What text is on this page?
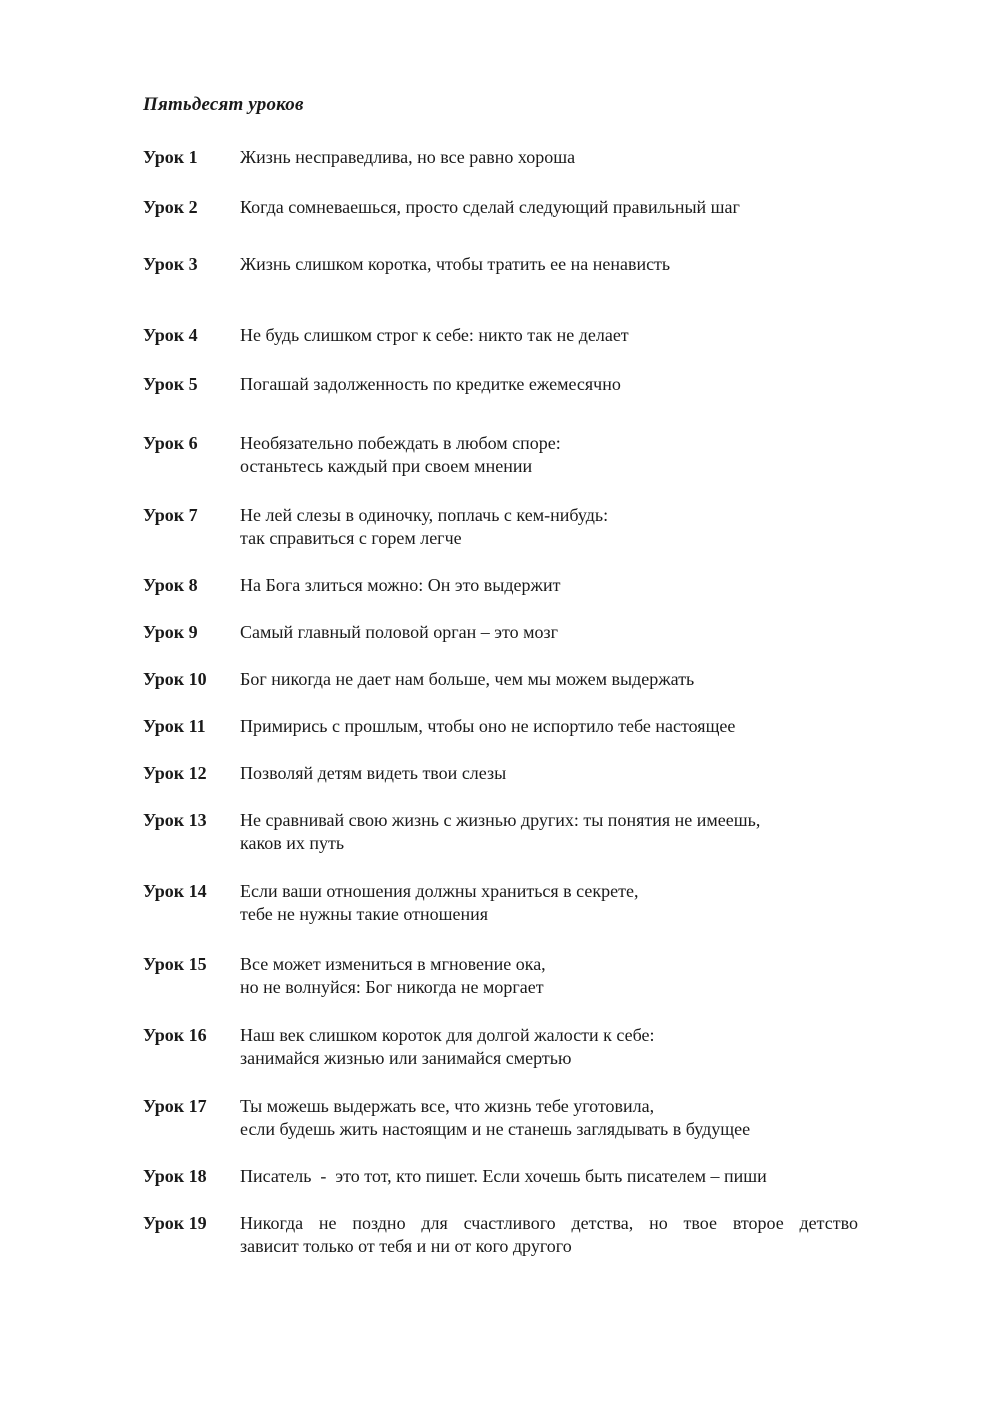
Пятьдесят уроков
Урок 1	Жизнь несправедлива, но все равно хороша
Урок 2	Когда сомневаешься, просто сделай следующий правильный шаг
Урок 3	Жизнь слишком коротка, чтобы тратить ее на ненависть
Урок 4	Не будь слишком строг к себе: никто так не делает
Урок 5	Погашай задолженность по кредитке ежемесячно
Урок 6	Необязательно побеждать в любом споре:
останьтесь каждый при своем мнении
Урок 7	Не лей слезы в одиночку, поплачь с кем-нибудь:
так справиться с горем легче
Урок 8	На Бога злиться можно: Он это выдержит
Урок 9	Самый главный половой орган – это мозг
Урок 10	Бог никогда не дает нам больше, чем мы можем выдержать
Урок 11	Примирись с прошлым, чтобы оно не испортило тебе настоящее
Урок 12	Позволяй детям видеть твои слезы
Урок 13	Не сравнивай свою жизнь с жизнью других: ты понятия не имеешь,
каков их путь
Урок 14	Если ваши отношения должны храниться в секрете,
тебе не нужны такие отношения
Урок 15	Все может измениться в мгновение ока,
но не волнуйся: Бог никогда не моргает
Урок 16	Наш век слишком короток для долгой жалости к себе:
занимайся жизнью или занимайся смертью
Урок 17	Ты можешь выдержать все, что жизнь тебе уготовила,
если будешь жить настоящим и не станешь заглядывать в будущее
Урок 18	Писатель  -  это тот, кто пишет. Если хочешь быть писателем – пиши
Урок 19	Никогда не поздно для счастливого детства, но твое второе детство
зависит только от тебя и ни от кого другого
